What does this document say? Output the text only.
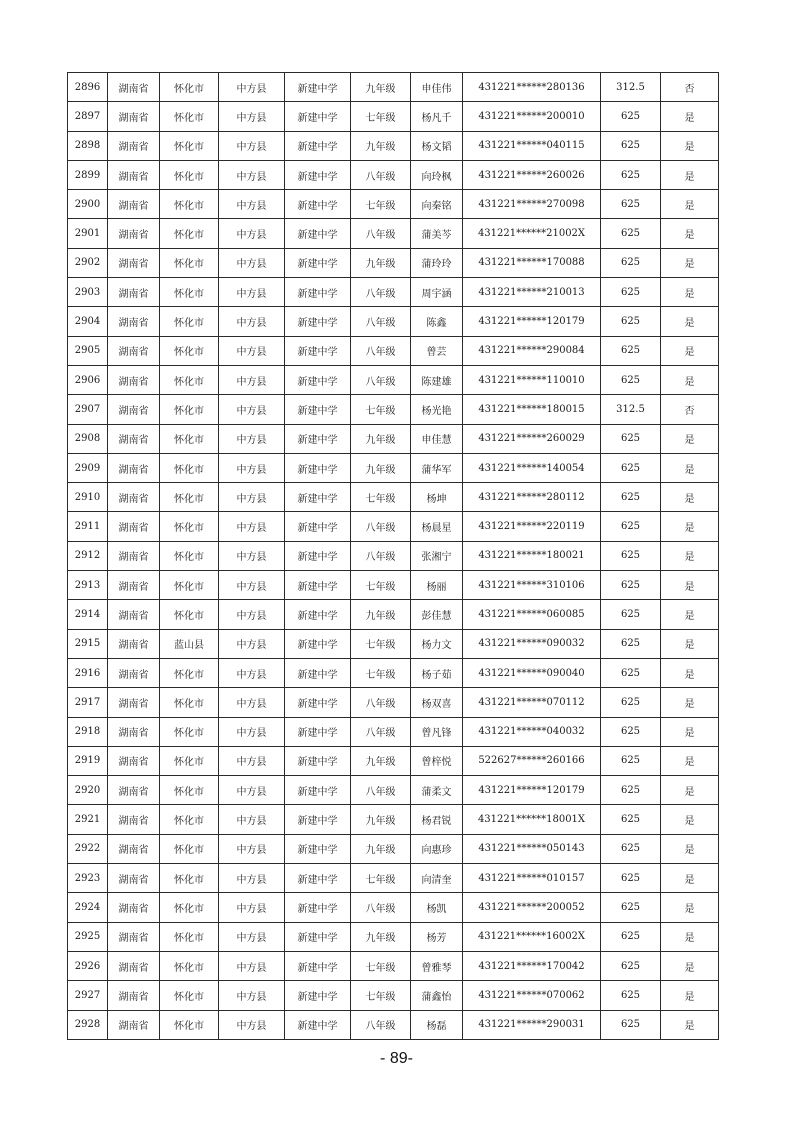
2896	湖南省	怀化市	中方县	新建中学	九年级	申佳伟	431221******280136	312.5	否
2897	湖南省	怀化市	中方县	新建中学	七年级	杨凡千	431221******200010	625	是
2898	湖南省	怀化市	中方县	新建中学	九年级	杨文韬	431221******040115	625	是
2899	湖南省	怀化市	中方县	新建中学	八年级	向玲枫	431221******260026	625	是
2900	湖南省	怀化市	中方县	新建中学	七年级	向秦铭	431221******270098	625	是
2901	湖南省	怀化市	中方县	新建中学	八年级	蒲美芩	431221******21002X	625	是
2902	湖南省	怀化市	中方县	新建中学	九年级	蒲玲玲	431221******170088	625	是
2903	湖南省	怀化市	中方县	新建中学	八年级	周宇涵	431221******210013	625	是
2904	湖南省	怀化市	中方县	新建中学	八年级	陈鑫	431221******120179	625	是
2905	湖南省	怀化市	中方县	新建中学	八年级	曾芸	431221******290084	625	是
2906	湖南省	怀化市	中方县	新建中学	八年级	陈建雄	431221******110010	625	是
2907	湖南省	怀化市	中方县	新建中学	七年级	杨光艳	431221******180015	312.5	否
2908	湖南省	怀化市	中方县	新建中学	九年级	申佳慧	431221******260029	625	是
2909	湖南省	怀化市	中方县	新建中学	九年级	蒲华军	431221******140054	625	是
2910	湖南省	怀化市	中方县	新建中学	七年级	杨坤	431221******280112	625	是
2911	湖南省	怀化市	中方县	新建中学	八年级	杨晨星	431221******220119	625	是
2912	湖南省	怀化市	中方县	新建中学	八年级	张湘宁	431221******180021	625	是
2913	湖南省	怀化市	中方县	新建中学	七年级	杨丽	431221******310106	625	是
2914	湖南省	怀化市	中方县	新建中学	九年级	彭佳慧	431221******060085	625	是
2915	湖南省	蓝山县	中方县	新建中学	七年级	杨力文	431221******090032	625	是
2916	湖南省	怀化市	中方县	新建中学	七年级	杨子茹	431221******090040	625	是
2917	湖南省	怀化市	中方县	新建中学	八年级	杨双喜	431221******070112	625	是
2918	湖南省	怀化市	中方县	新建中学	八年级	曾凡锋	431221******040032	625	是
2919	湖南省	怀化市	中方县	新建中学	九年级	曾梓悦	522627******260166	625	是
2920	湖南省	怀化市	中方县	新建中学	八年级	蒲柔文	431221******120179	625	是
2921	湖南省	怀化市	中方县	新建中学	九年级	杨君锐	431221******18001X	625	是
2922	湖南省	怀化市	中方县	新建中学	九年级	向惠珍	431221******050143	625	是
2923	湖南省	怀化市	中方县	新建中学	七年级	向清奎	431221******010157	625	是
2924	湖南省	怀化市	中方县	新建中学	八年级	杨凯	431221******200052	625	是
2925	湖南省	怀化市	中方县	新建中学	九年级	杨芳	431221******16002X	625	是
2926	湖南省	怀化市	中方县	新建中学	七年级	曾雅琴	431221******170042	625	是
2927	湖南省	怀化市	中方县	新建中学	七年级	蒲鑫怡	431221******070062	625	是
2928	湖南省	怀化市	中方县	新建中学	八年级	杨磊	431221******290031	625	是
- 89-
